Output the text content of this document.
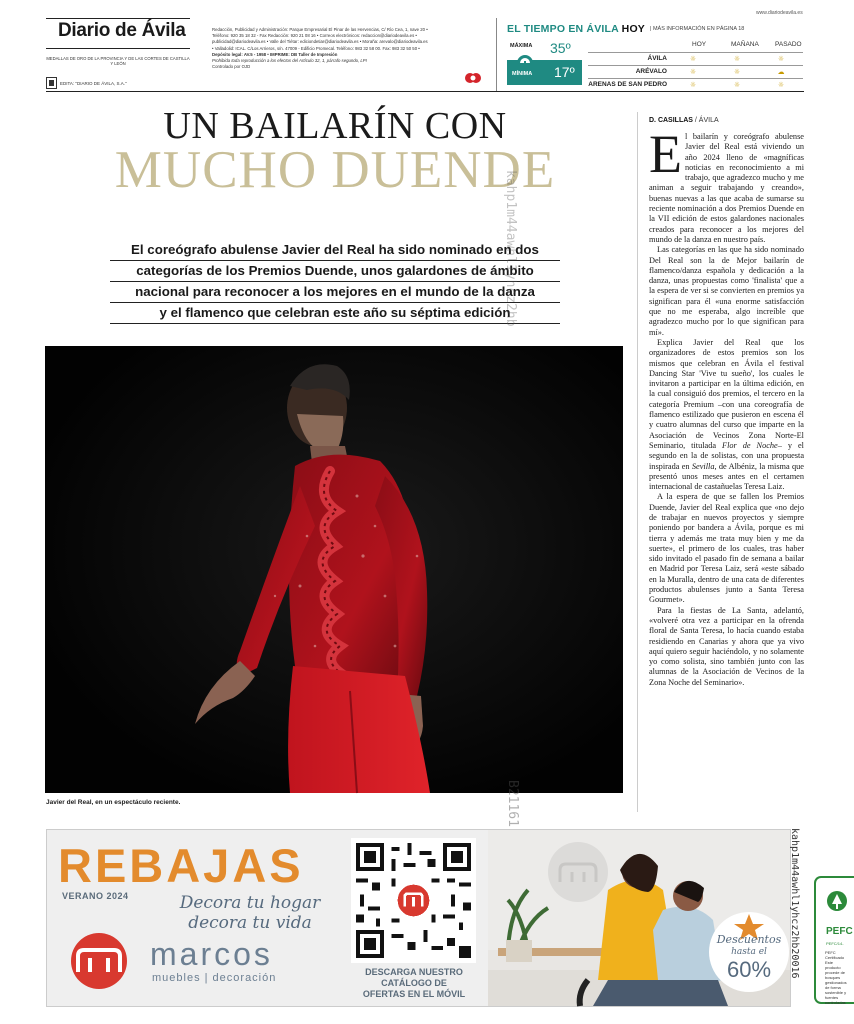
www.diariodeavila.es
Diario de Ávila
MEDALLAS DE ORO DE LA PROVINCIA Y DE LAS CORTES DE CASTILLA Y LEÓN
EDITA: "DIARIO DE ÁVILA, S.A."
Redacción, Publicidad y Administración: Parque Empresarial El Pinar de las Hervencias, C/ Río Cea, 1, nave 20 •
Teléfono: 920 35 18 32 - Fax Redacción: 920 21 08 16 • Correos electrónicos: redaccion@diariodeavila.es •
publicidad@diariodeavila.es • Valle del Tiétar: ediciondetiar@diariodeavila.es • Moraña: arevalo@diariodeavila.es
• Valladolid: ICAL. C/Los Arrieros, s/n. 47009 - Edificio Promecal. Teléfono: 983 32 58 00. Fax: 983 32 50 50 •
Depósito legal: AV.5 - 1958 • IMPRIME: DB Taller de Impresión
Prohibida toda reproducción a los efectos del Artículo 32, 1, párrafo segundo, LPI
Controlado por OJD
EL TIEMPO EN ÁVILA HOY | MÁS INFORMACIÓN EN PÁGINA 18
HOY	MAÑANA PASADO
MÁXIMA 35º
MÍNIMA 17º
ÁVILA	☼	☼	☼
ARÉVALO	☼	☼	☁
ARENAS DE SAN PEDRO	☼	☼	☼
UN BAILARÍN CON
MUCHO DUENDE
El coreógrafo abulense Javier del Real ha sido nominado en dos
categorías de los Premios Duende, unos galardones de ámbito
nacional para reconocer a los mejores en el mundo de la danza
y el flamenco que celebran este año su séptima edición
kahp1m44awhl1yhcz2hb
Javier del Real, en un espectáculo reciente.	B21161
D. CASILLAS / ÁVILA

El bailarín y coreógrafo abulense Javier del Real está viviendo un año 2024 lleno de «magníficas noticias en reconocimiento a mi trabajo, que agradezco mucho y me animan a seguir trabajando y creando», buenas nuevas a las que acaba de sumarse su reciente nominación a dos Premios Duende en la VII edición de estos galardones nacionales creados para reconocer a los mejores del mundo de la danza en nuestro país.

Las categorías en las que ha sido nominado Del Real son la de Mejor bailarín de flamenco/danza española y dedicación a la danza, unas propuestas como 'finalista' que a la espera de ver si se convierten en premios ya significan para él «una enorme satisfacción que no me esperaba, algo increíble que agradezco mucho por lo que significan para mí».

Explica Javier del Real que los organizadores de estos premios son los mismos que celebran en Ávila el festival Dancing Star 'Vive tu sueño', los cuales le invitaron a participar en la última edición, en la cual consiguió dos premios, el tercero en la categoría Premium –con una coreografía de flamenco estilizado que pusieron en escena él y cuatro alumnas del curso que imparte en la Asociación de Vecinos Zona Norte-El Seminario, titulada Flor de Noche– y el segundo en la de solistas, con una propuesta inspirada en Sevilla, de Albéniz, la misma que presentó unos meses antes en el certamen internacional de castañuelas Teresa Laiz.

A la espera de que se fallen los Premios Duende, Javier del Real explica que «no dejo de trabajar en nuevos proyectos y siempre poniendo por bandera a Ávila, porque es mi tierra y además me trata muy bien y me da suerte», el primero de los cuales, tras haber sido invitado el pasado fin de semana a bailar en Madrid por Teresa Laiz, será «este sábado en la Muralla, dentro de una cata de diferentes productos abulenses junto a Santa Teresa Gourmet».

Para la fiestas de La Santa, adelantó, «volveré otra vez a participar en la ofrenda floral de Santa Teresa, lo hacía cuando estaba residiendo en Canarias y ahora que ya vivo aquí quiero seguir haciéndolo, y no solamente yo como solista, sino también junto con las alumnas de la Asociación de Vecinos de la Zona Noche del Seminario».

REBAJAS
VERANO 2024	Decora tu hogar
decora tu vida
marcos
muebles | decoración	DESCARGA NUESTRO
CATÁLOGO DE
OFERTAS EN EL MÓVIL
Descuentos
hasta el
60%	kahp1m44awhl1yhcz2hb20016	PEFC
PEFC/14-
PEFC Certificado Este producto procede de bosques gestionados de forma sostenible y fuentes controladas
